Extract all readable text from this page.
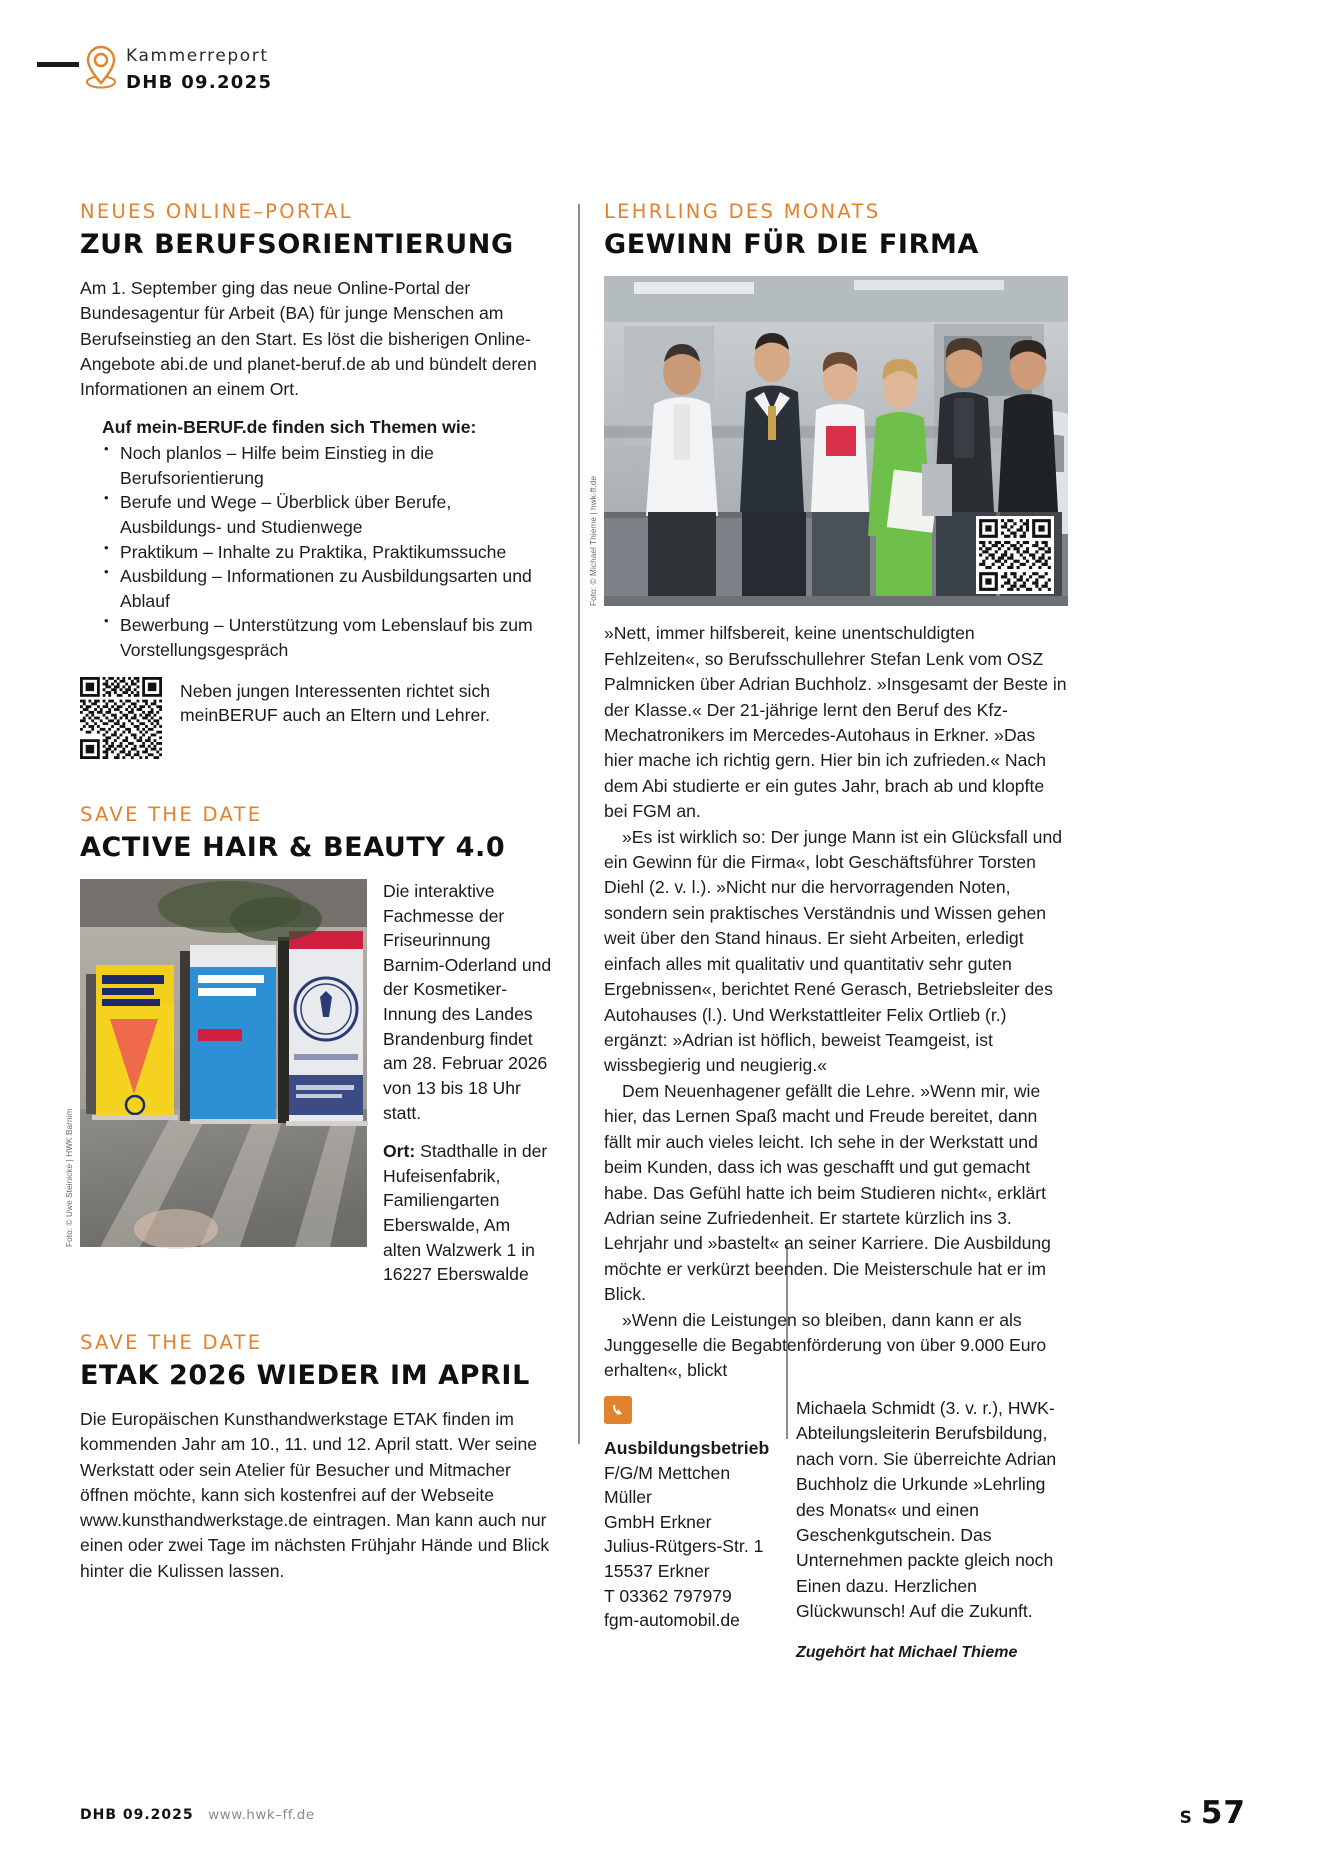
Kammerreport
DHB 09.2025
NEUES ONLINE–PORTAL
ZUR BERUFSORIENTIERUNG

Am 1. September ging das neue Online-Portal der Bundesagentur für Arbeit (BA) für junge Menschen am Berufseinstieg an den Start. Es löst die bisherigen Online-Angebote abi.de und planet-beruf.de ab und bündelt deren Informationen an einem Ort.

Auf mein-BERUF.de finden sich Themen wie:
• Noch planlos – Hilfe beim Einstieg in die Berufsorientierung
• Berufe und Wege – Überblick über Berufe, Ausbildungs- und Studienwege
• Praktikum – Inhalte zu Praktika, Praktikumssuche
• Ausbildung – Informationen zu Ausbildungsarten und Ablauf
• Bewerbung – Unterstützung vom Lebenslauf bis zum Vorstellungsgespräch
Neben jungen Interessenten richtet sich meinBERUF auch an Eltern und Lehrer.
SAVE THE DATE
ACTIVE HAIR & BEAUTY 4.0
Foto: © Uwe Steinicke | HWK Barnim

Die interaktive Fachmesse der Friseurinnung Barnim-Oderland und der Kosmetiker-Innung des Landes Brandenburg findet am 28. Februar 2026 von 13 bis 18 Uhr statt.

Ort: Stadthalle in der Hufeisenfabrik, Familiengarten Eberswalde, Am alten Walzwerk 1 in 16227 Eberswalde

SAVE THE DATE
ETAK 2026 WIEDER IM APRIL

Die Europäischen Kunsthandwerkstage ETAK finden im kommenden Jahr am 10., 11. und 12. April statt. Wer seine Werkstatt oder sein Atelier für Besucher und Mitmacher öffnen möchte, kann sich kostenfrei auf der Webseite www.kunsthandwerkstage.de eintragen. Man kann auch nur einen oder zwei Tage im nächsten Frühjahr Hände und Blick hinter die Kulissen lassen.

LEHRLING DES MONATS
GEWINN FÜR DIE FIRMA
Foto: © Michael Thieme | hwk-ff.de

»Nett, immer hilfsbereit, keine unentschuldigten Fehlzeiten«, so Berufsschullehrer Stefan Lenk vom OSZ Palmnicken über Adrian Buchholz. »Insgesamt der Beste in der Klasse.« Der 21-jährige lernt den Beruf des Kfz-Mechatronikers im Mercedes-Autohaus in Erkner. »Das hier mache ich richtig gern. Hier bin ich zufrieden.« Nach dem Abi studierte er ein gutes Jahr, brach ab und klopfte bei FGM an.

»Es ist wirklich so: Der junge Mann ist ein Glücksfall und ein Gewinn für die Firma«, lobt Geschäftsführer Torsten Diehl (2. v. l.). »Nicht nur die hervorragenden Noten, sondern sein praktisches Verständnis und Wissen gehen weit über den Stand hinaus. Er sieht Arbeiten, erledigt einfach alles mit qualitativ und quantitativ sehr guten Ergebnissen«, berichtet René Gerasch, Betriebsleiter des Autohauses (l.). Und Werkstattleiter Felix Ortlieb (r.) ergänzt: »Adrian ist höflich, beweist Teamgeist, ist wissbegierig und neugierig.«

Dem Neuenhagener gefällt die Lehre. »Wenn mir, wie hier, das Lernen Spaß macht und Freude bereitet, dann fällt mir auch vieles leicht. Ich sehe in der Werkstatt und beim Kunden, dass ich was geschafft und gut gemacht habe. Das Gefühl hatte ich beim Studieren nicht«, erklärt Adrian seine Zufriedenheit. Er startete kürzlich ins 3. Lehrjahr und »bastelt« an seiner Karriere. Die Ausbildung möchte er verkürzt beenden. Die Meisterschule hat er im Blick.

»Wenn die Leistungen so bleiben, dann kann er als Junggeselle die Begabtenförderung von über 9.000 Euro erhalten«, blickt

Ausbildungsbetrieb
F/G/M Mettchen Müller
GmbH Erkner
Julius-Rütgers-Str. 1
15537 Erkner
T 03362 797979
fgm-automobil.de
Michaela Schmidt (3. v. r.), HWK-Abteilungsleiterin Berufsbildung, nach vorn. Sie überreichte Adrian Buchholz die Urkunde »Lehrling des Monats« und einen Geschenkgutschein. Das Unternehmen packte gleich noch Einen dazu. Herzlichen Glückwunsch! Auf die Zukunft.
Zugehört hat Michael Thieme
DHB 09.2025 www.hwk–ff.de	S 57
